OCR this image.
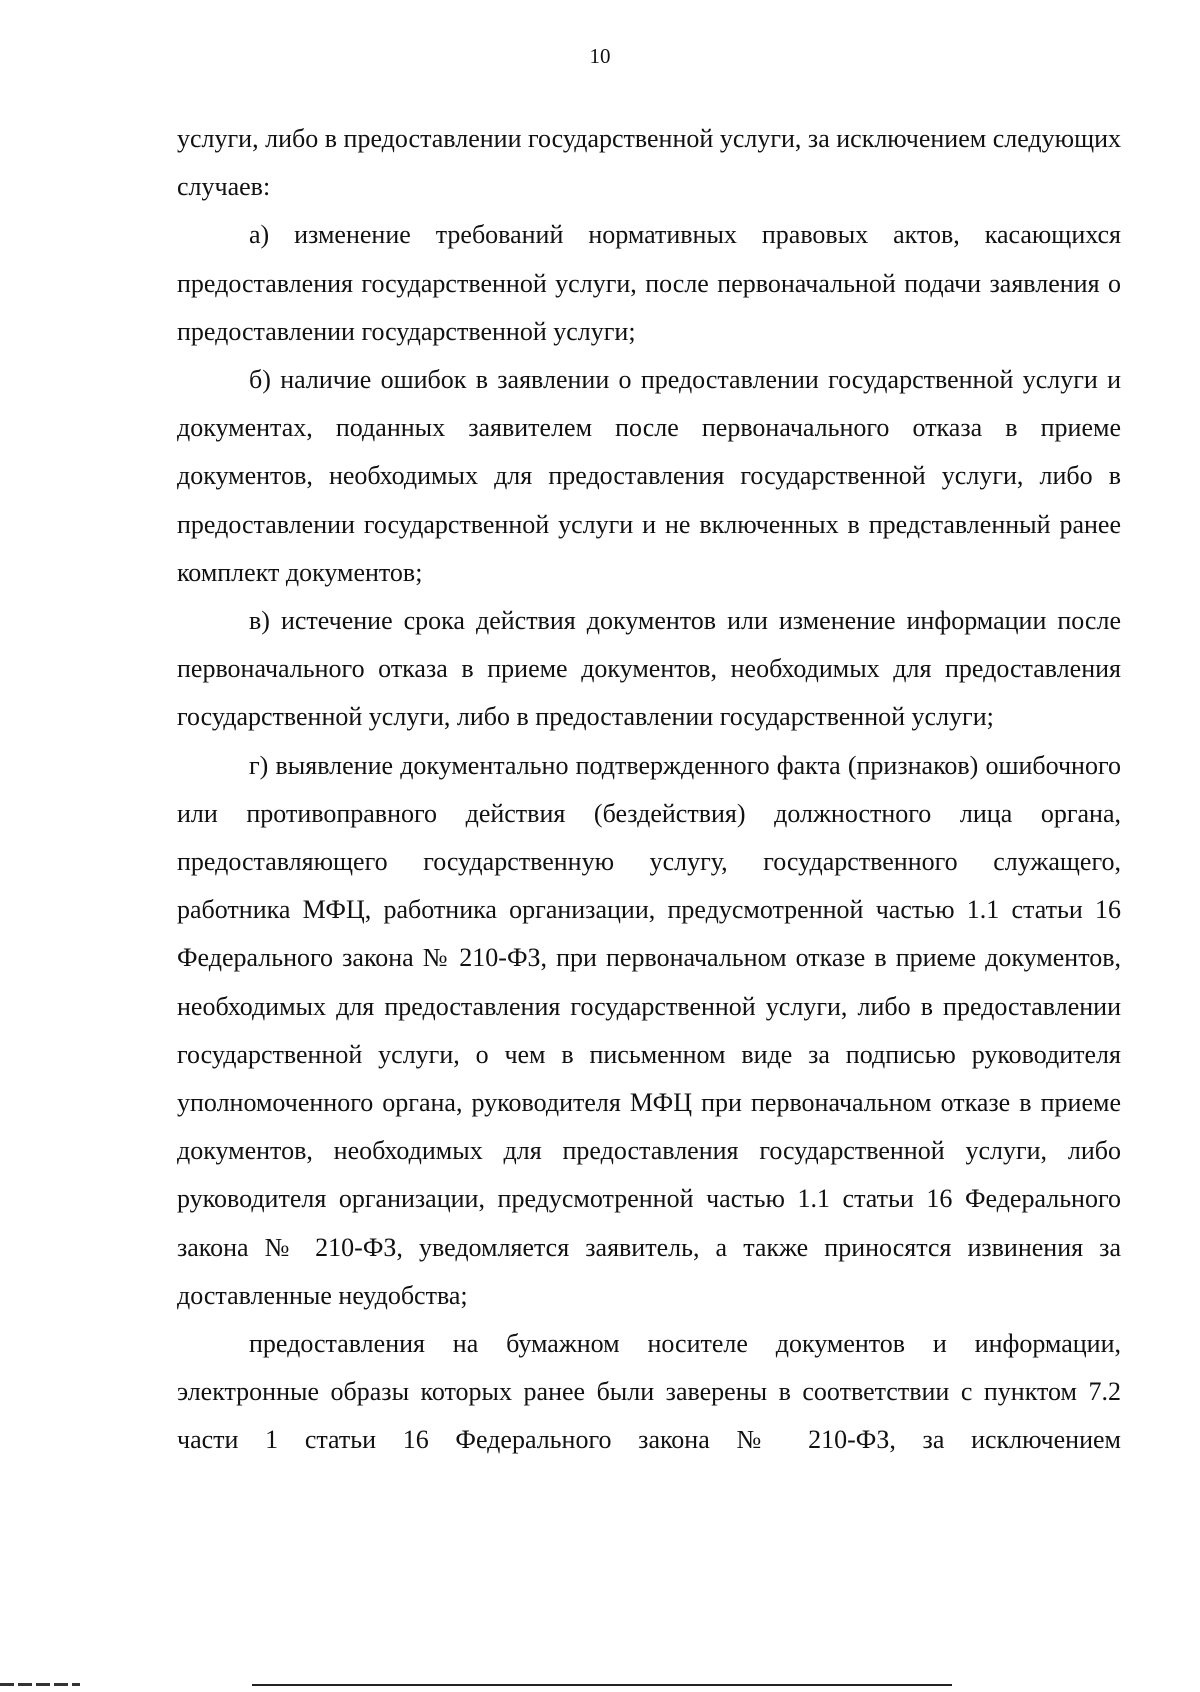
10

услуги, либо в предоставлении государственной услуги, за исключением следующих случаев:

а) изменение требований нормативных правовых актов, касающихся предоставления государственной услуги, после первоначальной подачи заявления о предоставлении государственной услуги;

б) наличие ошибок в заявлении о предоставлении государственной услуги и документах, поданных заявителем после первоначального отказа в приеме документов, необходимых для предоставления государственной услуги, либо в предоставлении государственной услуги и не включенных в представленный ранее комплект документов;

в) истечение срока действия документов или изменение информации после первоначального отказа в приеме документов, необходимых для предоставления государственной услуги, либо в предоставлении государственной услуги;

г) выявление документально подтвержденного факта (признаков) ошибочного или противоправного действия (бездействия) должностного лица органа, предоставляющего государственную услугу, государственного служащего, работника МФЦ, работника организации, предусмотренной частью 1.1 статьи 16 Федерального закона № 210-ФЗ, при первоначальном отказе в приеме документов, необходимых для предоставления государственной услуги, либо в предоставлении государственной услуги, о чем в письменном виде за подписью руководителя уполномоченного органа, руководителя МФЦ при первоначальном отказе в приеме документов, необходимых для предоставления государственной услуги, либо руководителя организации, предусмотренной частью 1.1 статьи 16 Федерального закона № 210-ФЗ, уведомляется заявитель, а также приносятся извинения за доставленные неудобства;

предоставления на бумажном носителе документов и информации, электронные образы которых ранее были заверены в соответствии с пунктом 7.2 части 1 статьи 16 Федерального закона № 210-ФЗ, за исключением
